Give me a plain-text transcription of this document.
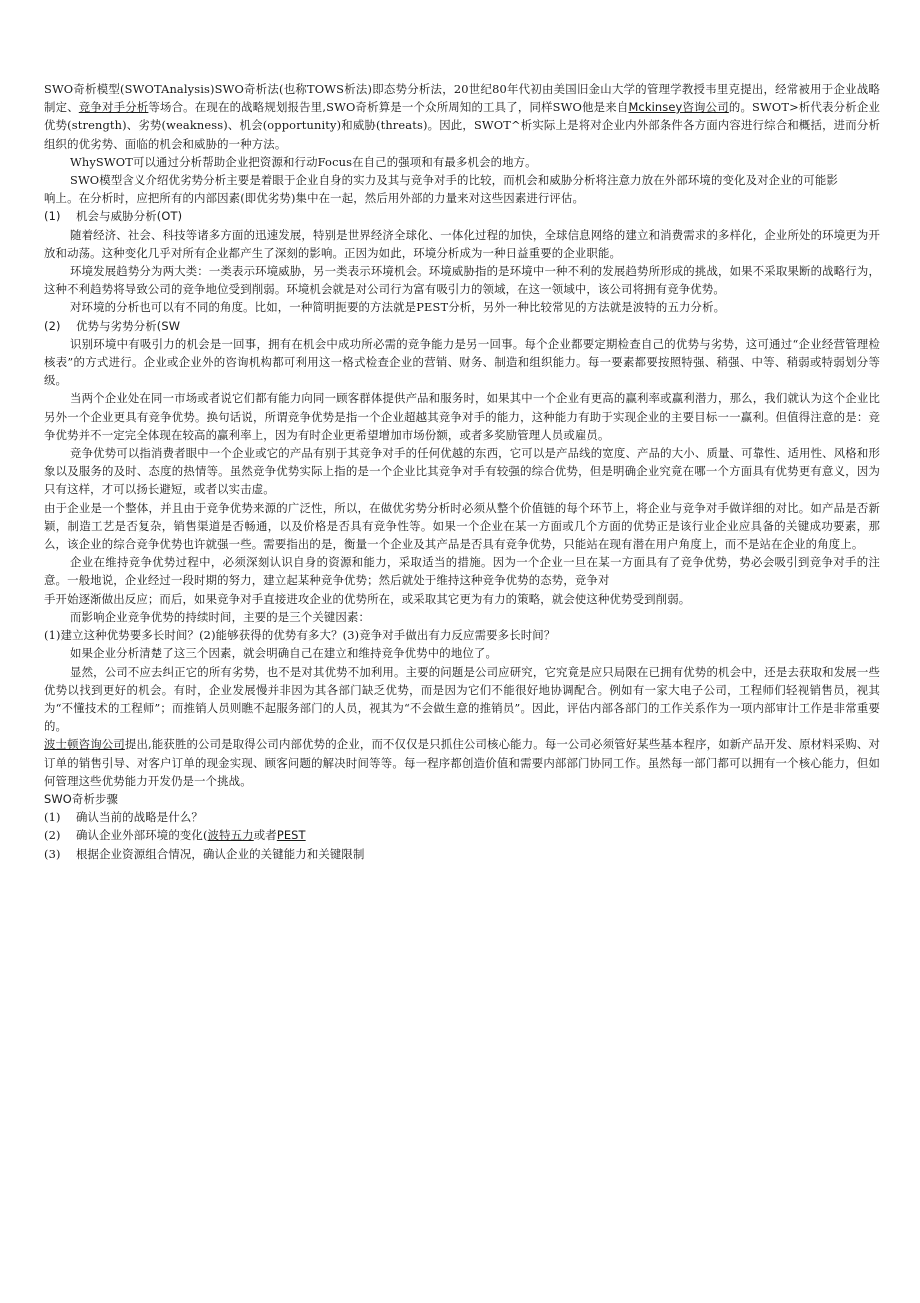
SWO奇析模型(SWOTAnalysis)SWO奇析法(也称TOWS析法)即态势分析法，20世纪80年代初由美国旧金山大学的管理学教授韦里克提出，经常被用于企业战略制定、竞争对手分析等场合。在现在的战略规划报告里,SWO奇析算是一个众所周知的工具了，同样SWO他是来自Mckinsey咨询公司的。SWOT>析代表分析企业优势(strength)、劣势(weakness)、机会(opportunity)和威胁(threats)。因此，SWOT^析实际上是将对企业内外部条件各方面内容进行综合和概括，进而分析组织的优劣势、面临的机会和威胁的一种方法。

WhySWOT可以通过分析帮助企业把资源和行动Focus在自己的强项和有最多机会的地方。

SWO模型含义介绍优劣势分析主要是着眼于企业自身的实力及其与竞争对手的比较，而机会和威胁分析将注意力放在外部环境的变化及对企业的可能影

响上。在分析时，应把所有的内部因素(即优劣势)集中在一起，然后用外部的力量来对这些因素进行评估。

(1) 机会与威胁分析(OT)

随着经济、社会、科技等诸多方面的迅速发展，特别是世界经济全球化、一体化过程的加快，全球信息网络的建立和消费需求的多样化，企业所处的环境更为开放和动荡。这种变化几乎对所有企业都产生了深刻的影响。正因为如此，环境分析成为一种日益重要的企业职能。

环境发展趋势分为两大类：一类表示环境威胁，另一类表示环境机会。环境威胁指的是环境中一种不利的发展趋势所形成的挑战，如果不采取果断的战略行为，这种不利趋势将导致公司的竞争地位受到削弱。环境机会就是对公司行为富有吸引力的领域，在这一领域中，该公司将拥有竞争优势。

对环境的分析也可以有不同的角度。比如，一种简明扼要的方法就是PEST分析，另外一种比较常见的方法就是波特的五力分析。

(2) 优势与劣势分析(SW

识别环境中有吸引力的机会是一回事，拥有在机会中成功所必需的竞争能力是另一回事。每个企业都要定期检查自己的优势与劣势，这可通过“企业经营管理检核表”的方式进行。企业或企业外的咨询机构都可利用这一格式检查企业的营销、财务、制造和组织能力。每一要素都要按照特强、稍强、中等、稍弱或特弱划分等级。

当两个企业处在同一市场或者说它们都有能力向同一顾客群体提供产品和服务时，如果其中一个企业有更高的赢利率或赢利潜力，那么，我们就认为这个企业比另外一个企业更具有竞争优势。换句话说，所谓竞争优势是指一个企业超越其竞争对手的能力，这种能力有助于实现企业的主要目标一一赢利。但值得注意的是：竞争优势并不一定完全体现在较高的赢利率上，因为有时企业更希望增加市场份额，或者多奖励管理人员或雇员。

竞争优势可以指消费者眼中一个企业或它的产品有别于其竞争对手的任何优越的东西，它可以是产品线的宽度、产品的大小、质量、可靠性、适用性、风格和形象以及服务的及时、态度的热情等。虽然竞争优势实际上指的是一个企业比其竞争对手有较强的综合优势，但是明确企业究竟在哪一个方面具有优势更有意义，因为只有这样，才可以扬长避短，或者以实击虚。

由于企业是一个整体，并且由于竞争优势来源的广泛性，所以，在做优劣势分析时必须从整个价值链的每个环节上，将企业与竞争对手做详细的对比。如产品是否新颖，制造工艺是否复杂，销售渠道是否畅通，以及价格是否具有竞争性等。如果一个企业在某一方面或几个方面的优势正是该行业企业应具备的关键成功要素，那么，该企业的综合竞争优势也许就强一些。需要指出的是，衡量一个企业及其产品是否具有竞争优势，只能站在现有潜在用户角度上，而不是站在企业的角度上。

企业在维持竞争优势过程中，必须深刻认识自身的资源和能力，采取适当的措施。因为一个企业一旦在某一方面具有了竞争优势，势必会吸引到竞争对手的注意。一般地说，企业经过一段时期的努力，建立起某种竞争优势；然后就处于维持这种竞争优势的态势，竞争对

手开始逐渐做出反应；而后，如果竞争对手直接进攻企业的优势所在，或采取其它更为有力的策略，就会使这种优势受到削弱。

而影响企业竞争优势的持续时间，主要的是三个关键因素：

(1)建立这种优势要多长时间？(2)能够获得的优势有多大？(3)竞争对手做出有力反应需要多长时间？

如果企业分析清楚了这三个因素，就会明确自己在建立和维持竞争优势中的地位了。

显然，公司不应去纠正它的所有劣势，也不是对其优势不加利用。主要的问题是公司应研究，它究竟是应只局限在已拥有优势的机会中，还是去获取和发展一些优势以找到更好的机会。有时，企业发展慢并非因为其各部门缺乏优势，而是因为它们不能很好地协调配合。例如有一家大电子公司，工程师们轻视销售员，视其为“不懂技术的工程师”；而推销人员则瞧不起服务部门的人员，视其为“不会做生意的推销员”。因此，评估内部各部门的工作关系作为一项内部审计工作是非常重要的。

波士顿咨询公司提出,能获胜的公司是取得公司内部优势的企业，而不仅仅是只抓住公司核心能力。每一公司必须管好某些基本程序，如新产品开发、原材料采购、对订单的销售引导、对客户订单的现金实现、顾客问题的解决时间等等。每一程序都创造价值和需要内部部门协同工作。虽然每一部门都可以拥有一个核心能力，但如何管理这些优势能力开发仍是一个挑战。

SWO奇析步骤

(1) 确认当前的战略是什么？

(2) 确认企业外部环境的变化(波特五力或者PEST

(3) 根据企业资源组合情况，确认企业的关键能力和关键限制
